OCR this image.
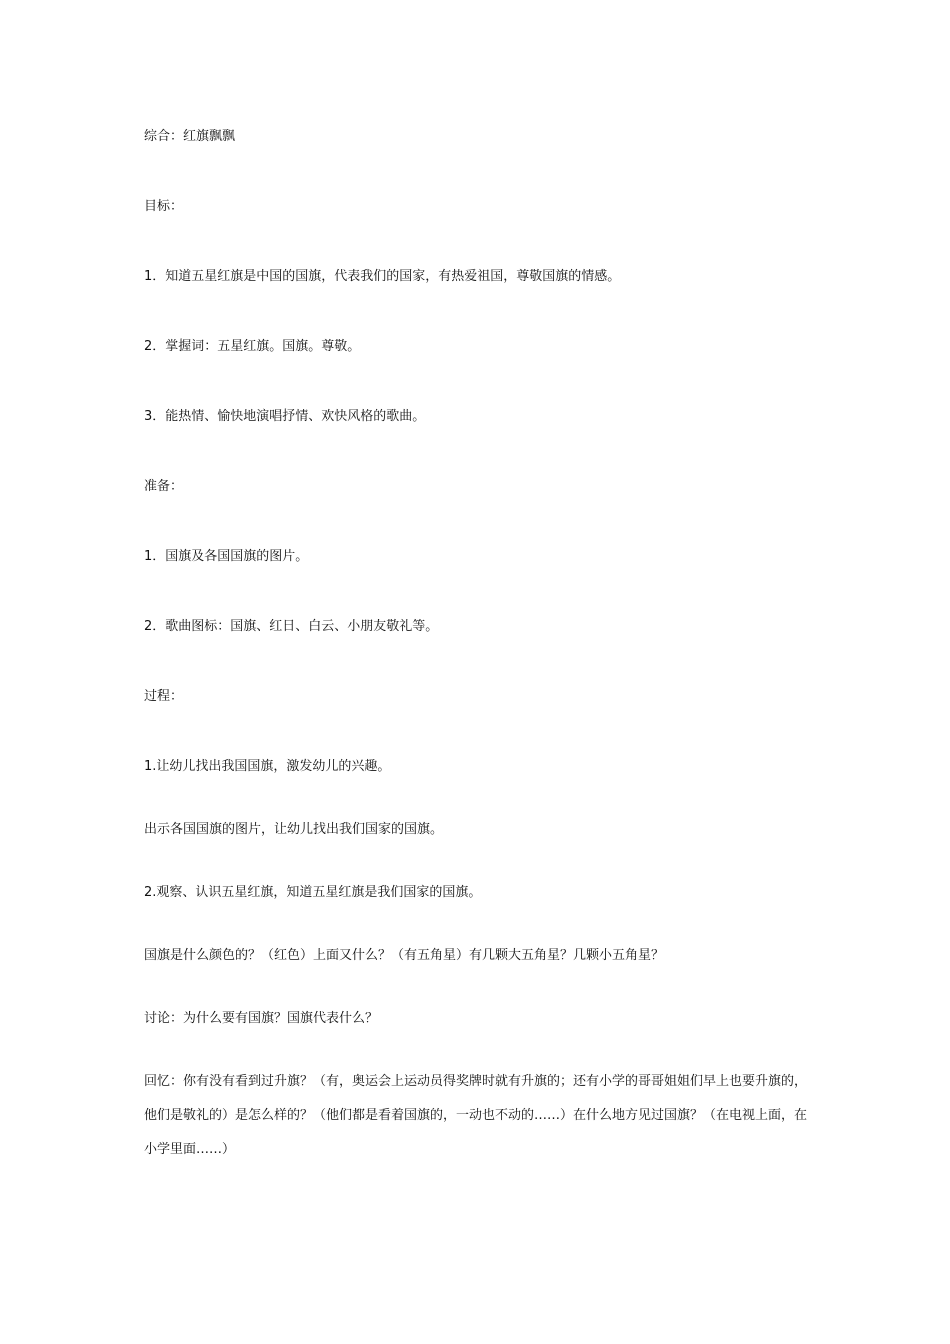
综合：红旗飘飘

目标：

1．知道五星红旗是中国的国旗，代表我们的国家，有热爱祖国，尊敬国旗的情感。

2．掌握词：五星红旗。国旗。尊敬。

3．能热情、愉快地演唱抒情、欢快风格的歌曲。

准备：

1．国旗及各国国旗的图片。

2．歌曲图标：国旗、红日、白云、小朋友敬礼等。

过程：

1.让幼儿找出我国国旗，激发幼儿的兴趣。

出示各国国旗的图片，让幼儿找出我们国家的国旗。

2.观察、认识五星红旗，知道五星红旗是我们国家的国旗。

国旗是什么颜色的？（红色）上面又什么？（有五角星）有几颗大五角星？几颗小五角星？

讨论：为什么要有国旗？国旗代表什么？

回忆：你有没有看到过升旗？（有，奥运会上运动员得奖牌时就有升旗的；还有小学的哥哥姐姐们早上也要升旗的，他们是敬礼的）是怎么样的？（他们都是看着国旗的，一动也不动的……）在什么地方见过国旗？（在电视上面，在小学里面……）
